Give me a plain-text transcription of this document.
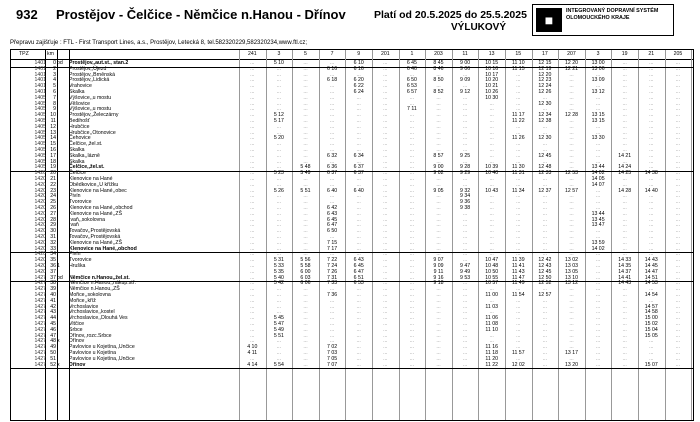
932 Prostějov - Čelčice - Němčice n.Hanou - Dřínov	Platí od 20.5.2025 do 25.5.2025
VÝLUKOVÝ	■
INTEGROVANÝ DOPRAVNÍ SYSTÉM OLOMOUCKÉHO KRAJE
Přepravu zajišťuje : FTL - First Transport Lines, a.s., Prostějov, Letecká 8, tel.582320229,582320234,www.ftl.cz;
TPZ	km	241	3	5	7	9	201	1	203	11	13	15	17	207	3	19	21	205
1401	0 od	Prostějov,,aut.st., stan.2	...	5 10	...	...	6 10	...	6 45	8 45	9 00	10 15	11 10	12 15	12 20	13 00	...	...	...
1401	2	Prostějov,,Újezd	...	...	...	6 16	6 16	...	6 46	8 46	9 06	10 16	11 15	12 19	12 21	13 06	...	...	...
1401	3	Prostějov,,Brněnská	...	...	...	...	...	...	...	...	...	10 17	...	12 20	...	...	...	...	...
1401	4	Prostějov,,Lidická	...	...	...	6 18	6 20	...	6 50	8 50	9 09	10 20	...	12 23	...	13 09	...	...	...
1401	5	Vrahovice	...	...	...	...	6 22	...	6 53	...	...	10 21	...	12 24	...	...	...	...	...
1401	6	Skalka	...	...	...	...	6 24	...	6 57	8 52	9 12	10 26	...	12 26	...	13 12	...	...	...
1405	7	Výšovice,,u mostu	...	...	...	...	...	...	...	...	...	10 30	...	...	...	...	...	...	...
1405	8	Věšovice	...	...	...	...	...	...	...	...	...	...	...	12 30	...	...	...	...	...
1405	9	Výšovice,,u mostu	...	...	...	...	...	...	7 11	...	...	...	...	...	...	...	...	...	...
1405 10	Prostějov,,Želeczárny	...	5 12	...	...	...	...	...	...	...	...	11 17	12 34	12 28	13 15	...	...	...
1405 11	Bedihošť	...	5 17	...	...	...	...	...	...	...	...	11 22	12 38	...	13 15	...	...	...
1405 12	Hrubčice	...	...	...	...	...	...	...	...	...	...	...	...	...	...	...	...	...
1405 13	Hrubčice,,Otonovice	...	...	...	...	...	...	...	...	...	...	...	...	...	...	...	...	...
1405 14	Čehovice	...	5 20	...	...	...	...	...	...	...	...	11 26	12 30	...	13 30	...	...	...
1405 15	Čelčice,,žel.st.	...	...	...	...	...	...	...	...	...	...	...	...	...	...	...	...	...
1405 16	Skalka	...	...	...	...	...	...	...	...	...	...	...	...	...	...	...	...	...
1405 17	Skalka,,lázně	...	...	...	6 32	6 34	...	...	8 57	9 25	...	...	12 45	...	...	14 21	...	...
1405 18	Skalka	...	...	...	...	...	...	...	...	...	...	...	...	...	...	...	...	...
1405 19	Čelčice,,žel.st.	...	...	5 48	6 36	6 37	...	...	9 00	9 28	10 39	11 30	12 48	...	13 44	14 24	...	...
1420 20	Čelčice	...	5 23	5 49	6 37	6 37	...	...	9 02	9 29	10 40	11 31	12 33	12 53	14 02	14 25	14 38	...
1420 21	Klenovice na Hané	...	...	...	...	...	...	...	...	...	...	...	...	...	14 05	...	...	...
1420 22	Obědkovice,,U křížku	...	...	...	...	...	...	...	...	...	...	...	...	...	14 07	...	...	...
1420 23	Klenovice na Hané,,obec	...	5 26	5 51	6 40	6 40	...	...	9 05	9 32	10 43	11 34	12 37	12 57	...	14 28	14 40	...
1420 24	Pivín	...	...	...	...	...	...	...	...	9 34	...	...	...	...	...	...	...	...
1420 25	Tvorovice	...	...	...	...	...	...	...	...	9 36	...	...	...	...	...	...	...	...
1420 26	Klenovice na Hané,,obchod	...	...	...	6 42	...	...	...	...	9 38	...	...	...	...	...	...	...	...
1420 27	Klenovice na Hané,,ZŠ	...	...	...	6 43	...	...	...	...	...	...	...	...	...	13 44	...	...	...
1420 28	Ivaň,,sokolovna	...	...	...	6 45	...	...	...	...	...	...	...	...	...	13 45	...	...	...
1420 29	Ivaň	...	...	...	6 47	...	...	...	...	...	...	...	...	...	13 47	...	...	...
1420 30	Tovačov,,Prostějovská	...	...	...	6 50	...	...	...	...	...	...	...	...	...	...	...	...	...
1420 31	Tovačov,,Prostějovská	...	...	...	...	...	...	...	...	...	...	...	...	...	...	...	...	...
1420 32	Klenovice na Hané,,ZŠ	...	...	...	7 15	...	...	...	...	...	...	...	...	...	13 59	...	...	...
1420 33	Klenovice na Hané,,obchod	...	...	...	7 17	...	...	...	...	...	...	...	...	...	14 02	...	...	...
1420 34	Pivín	...	...	...	...	...	...	...	...	...	...	...	...	...	...	...	...	...
1420 35	Tvorovice	...	5 31	5 56	7 22	6 43	...	...	9 07	...	10 47	11 39	12 42	13 02	...	14 33	14 43	...
1420 36 1	Hruška	...	5 33	5 58	7 24	6 45	...	...	9 09	9 47	10 48	11 41	12 43	13 03	...	14 35	14 45	...
1420 37	...	5 35	6 00	7 26	6 47	...	...	9 11	9 49	10 50	11 43	12 45	13 05	...	14 37	14 47	...
1427 37 od	Němčice n.Hanou,,žel.st.	...	5 40	6 03	7 31	6 51	...	...	9 16	9 53	10 55	11 47	12 50	13 10	...	14 41	14 51	...
1427 38	Němčice n.Hanou,,nákup.stř.	...	5 42	6 06	7 33	6 53	...	...	9 18	...	10 57	11 49	12 52	13 12	...	14 43	14 53	...
1427 39	Němčice n.Hanou,,ZŠ	...	...	...	...	...	...	...	...	...	...	...	...	...	...	...	...	...
1427 40	Mořice,,sokolovna	...	...	...	7 36	...	...	...	...	...	11 00	11 54	12 57	...	...	...	14 54	...
1427 41	Mořice,,kříž	...	...	...	...	...	...	...	...	...	...	...	...	...	...	...	...	...
1427 42	Vrchoslavice	...	...	...	...	...	...	...	...	...	11 03	...	...	...	...	...	14 57	...
1427 43	Vrchoslavice,,kostel	...	...	...	...	...	...	...	...	...	...	...	...	...	...	...	14 58	...
1427 44	Vrchoslavice,,Dlouhá Ves	...	5 45	...	...	...	...	...	...	...	11 06	...	...	...	...	...	15 00	...
1427 45	Vitčice	...	5 47	...	...	...	...	...	...	...	11 08	...	...	...	...	...	15 02	...
1427 46	Srbce	...	5 49	...	...	...	...	...	...	...	11 10	...	...	...	...	...	15 04	...
1427 47	Dřínov,,rozc.Srbce	...	5 51	...	...	...	...	...	...	...	...	...	...	...	...	...	15 05	...
1427 48 x	Dřínov	...	...	...	...	...	...	...	...	...	...	...	...	...	...	...	...	...
1427 49	Pavlovice u Kojetína,,Unčice	4 10	...	...	7 02	...	...	...	...	...	11 16	...	...	...	...	...	...	...
1427 50	Pavlovice u Kojetína	4 11	...	...	7 03	...	...	...	...	...	11 18	11 57	...	13 17	...	...	...	...
1427 51	Pavlovice u Kojetína,,Unčice	...	...	...	7 05	...	...	...	...	...	11 20	...	...	...	...	...	...	...
1427 52 x	Dřínov	4 14	5 54	...	7 07	...	...	...	...	...	11 22	12 02	...	13 20	...	...	15 07	...
